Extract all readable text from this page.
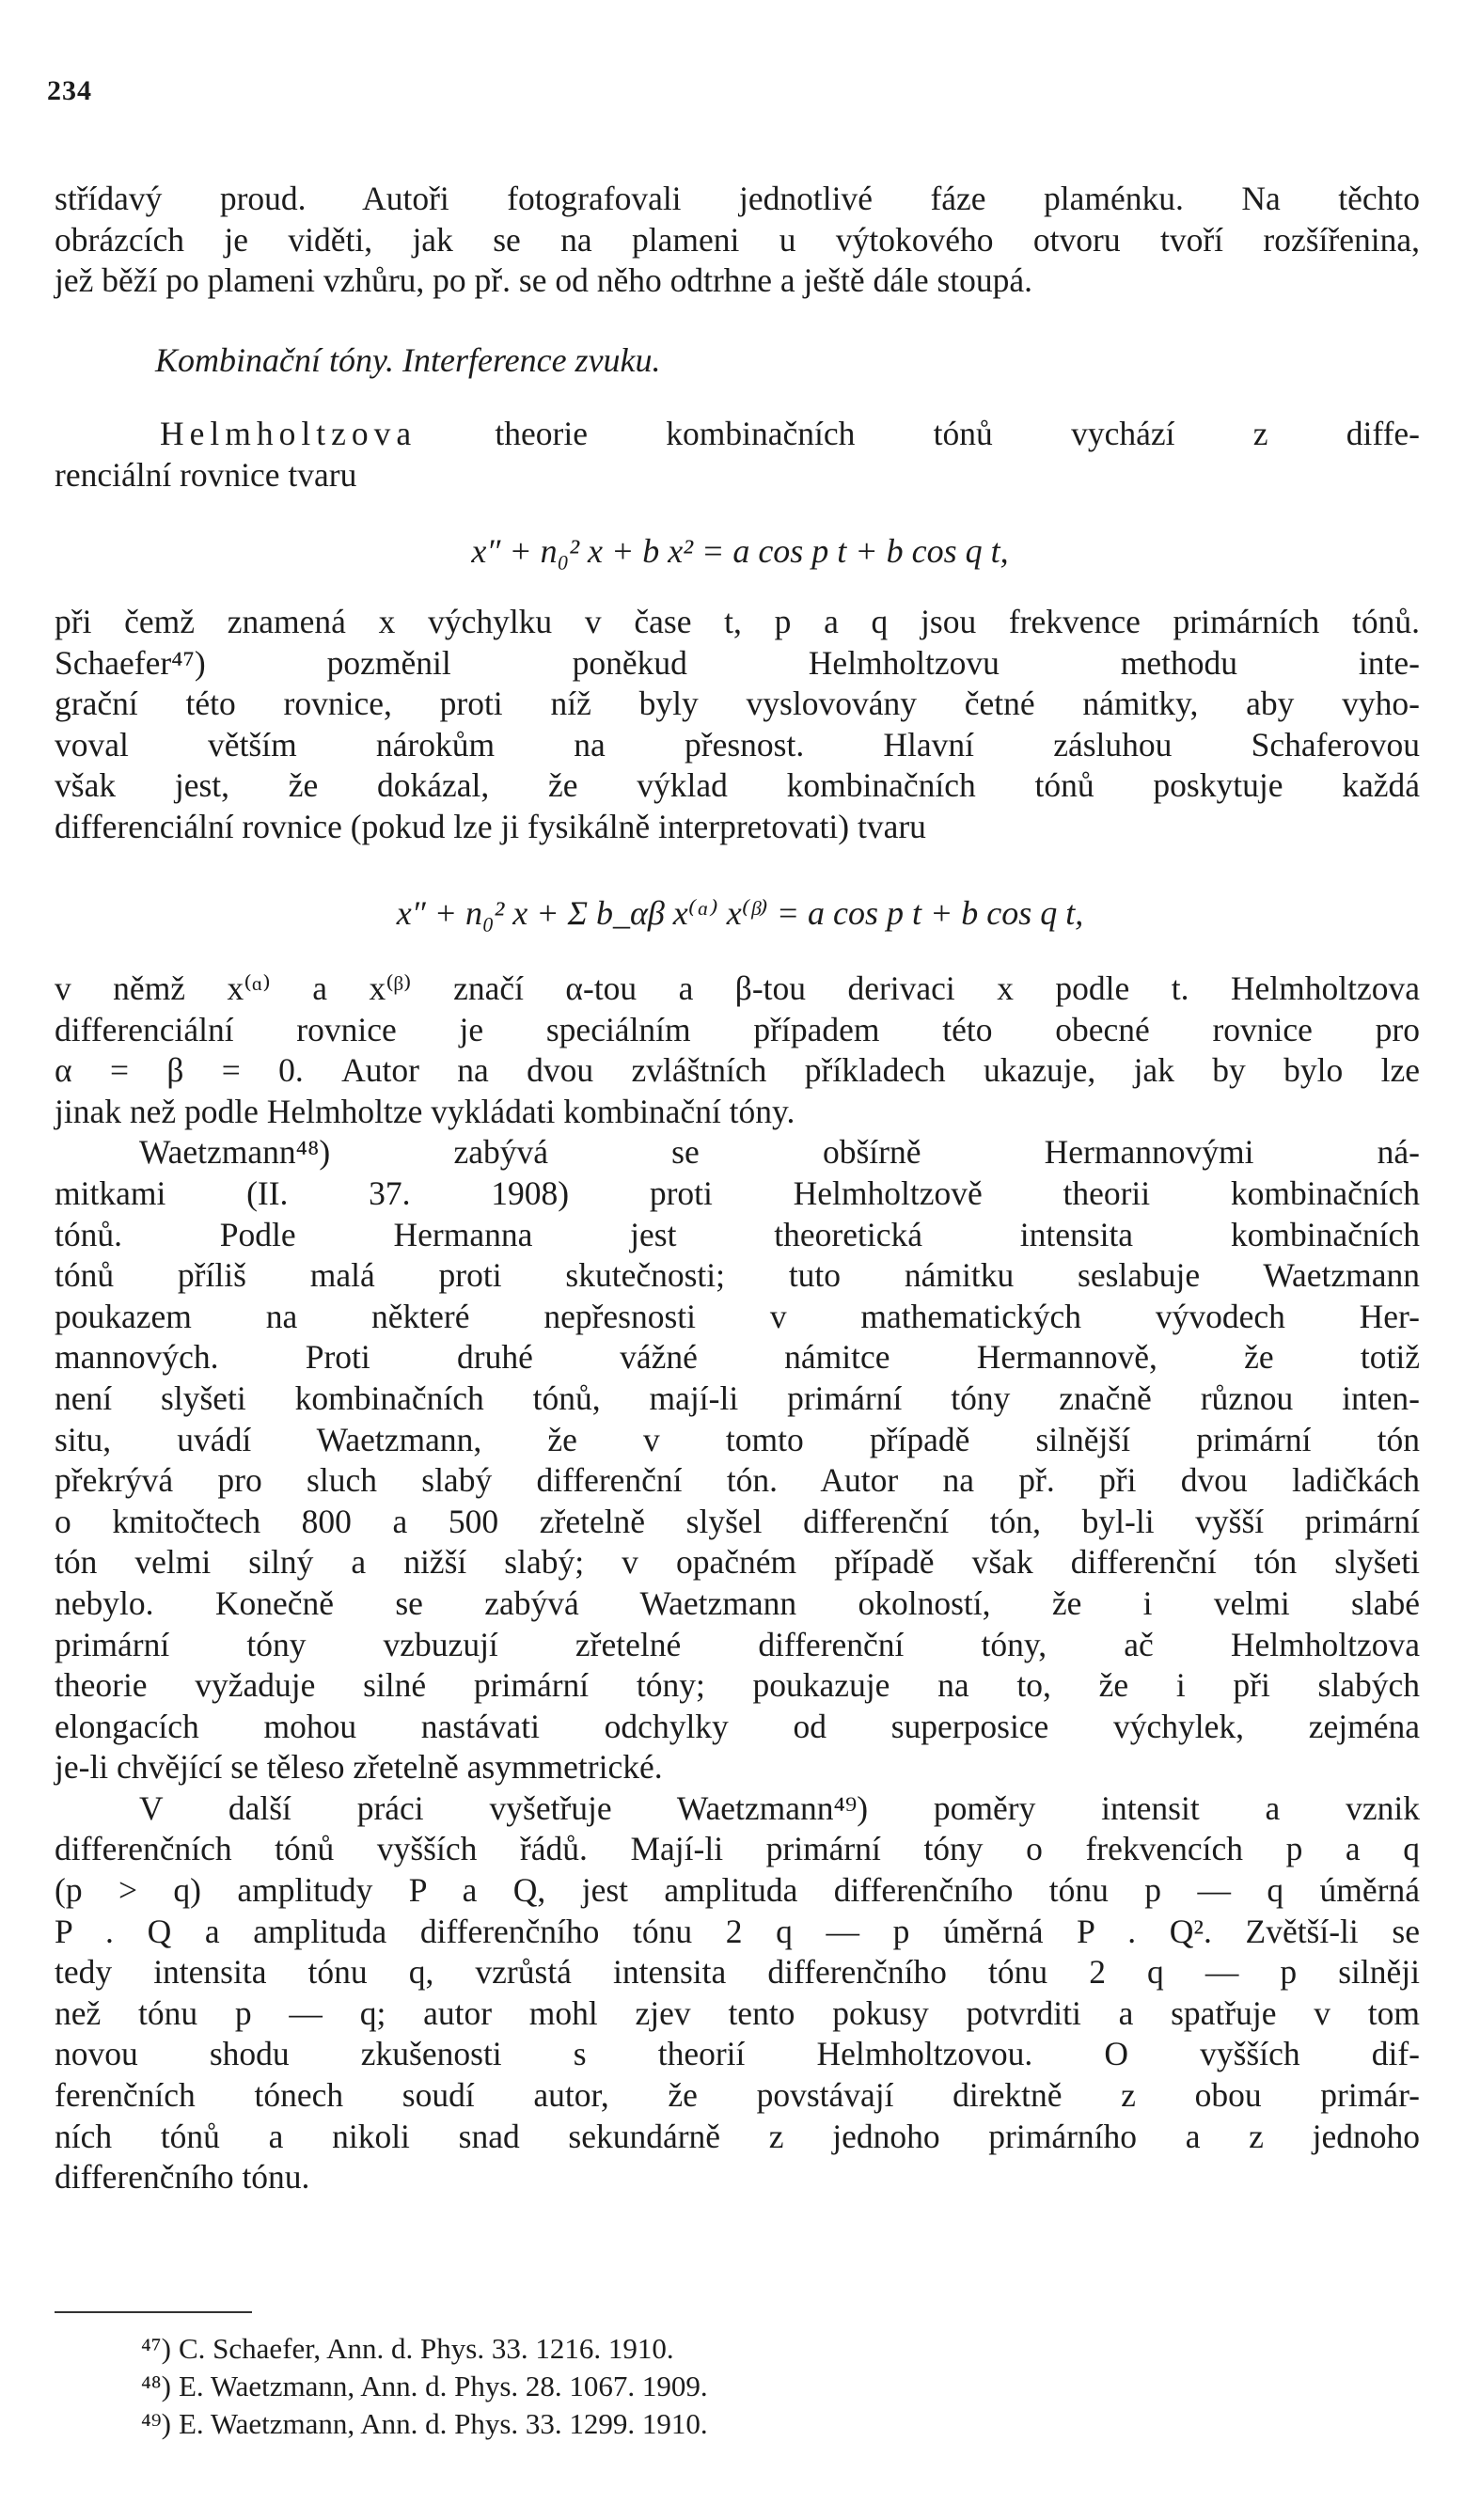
234
střídavý proud. Autoři fotografovali jednotlivé fáze plaménku. Na těchto
obrázcích je viděti, jak se na plameni u výtokového otvoru tvoří rozšířenina,
jež běží po plameni vzhůru, po př. se od něho odtrhne a ještě dále stoupá.
Kombinační tóny. Interference zvuku.
Helmholtzova theorie kombinačních tónů vychází z diffe-
renciální rovnice tvaru
x″ + n₀² x + b x² = a cos p t + b cos q t,
při čemž znamená x výchylku v čase t, p a q jsou frekvence primárních tónů.
Schaefer⁴⁷) pozměnil poněkud Helmholtzovu methodu inte-
grační této rovnice, proti níž byly vyslovovány četné námitky, aby vyho-
voval větším nárokům na přesnost. Hlavní zásluhou Schaferovou
však jest, že dokázal, že výklad kombinačních tónů poskytuje každá
differenciální rovnice (pokud lze ji fysikálně interpretovati) tvaru
x″ + n₀² x + Σ b_αβ x⁽ᵅ⁾ x⁽ᵝ⁾ = a cos p t + b cos q t,
v němž x⁽ᵅ⁾ a x⁽ᵝ⁾ značí α-tou a β-tou derivaci x podle t. Helmholtzova
differenciální rovnice je speciálním případem této obecné rovnice pro
α = β = 0. Autor na dvou zvláštních příkladech ukazuje, jak by bylo lze
jinak než podle Helmholtze vykládati kombinační tóny.
Waetzmann⁴⁸) zabývá se obšírně Hermannovými ná-
mitkami (II. 37. 1908) proti Helmholtzově theorii kombinačních
tónů. Podle Hermanna jest theoretická intensita kombinačních
tónů příliš malá proti skutečnosti; tuto námitku seslabuje Waetzmann
poukazem na některé nepřesnosti v mathematických vývodech Her-
mannových. Proti druhé vážné námitce Hermannově, že totiž
není slyšeti kombinačních tónů, mají-li primární tóny značně různou inten-
situ, uvádí Waetzmann, že v tomto případě silnější primární tón
překrývá pro sluch slabý differenční tón. Autor na př. při dvou ladičkách
o kmitočtech 800 a 500 zřetelně slyšel differenční tón, byl-li vyšší primární
tón velmi silný a nižší slabý; v opačném případě však differenční tón slyšeti
nebylo. Konečně se zabývá Waetzmann okolností, že i velmi slabé
primární tóny vzbuzují zřetelné differenční tóny, ač Helmholtzova
theorie vyžaduje silné primární tóny; poukazuje na to, že i při slabých
elongacích mohou nastávati odchylky od superposice výchylek, zejména
je-li chvějící se těleso zřetelně asymmetrické.
V další práci vyšetřuje Waetzmann⁴⁹) poměry intensit a vznik
differenčních tónů vyšších řádů. Mají-li primární tóny o frekvencích p a q
(p > q) amplitudy P a Q, jest amplituda differenčního tónu p — q úměrná
P . Q a amplituda differenčního tónu 2 q — p úměrná P . Q². Zvětší-li se
tedy intensita tónu q, vzrůstá intensita differenčního tónu 2 q — p silněji
než tónu p — q; autor mohl zjev tento pokusy potvrditi a spatřuje v tom
novou shodu zkušenosti s theorií Helmholtzovou. O vyšších dif-
ferenčních tónech soudí autor, že povstávají direktně z obou primár-
ních tónů a nikoli snad sekundárně z jednoho primárního a z jednoho
differenčního tónu.
⁴⁷) C. Schaefer, Ann. d. Phys. 33. 1216. 1910.
⁴⁸) E. Waetzmann, Ann. d. Phys. 28. 1067. 1909.
⁴⁹) E. Waetzmann, Ann. d. Phys. 33. 1299. 1910.
